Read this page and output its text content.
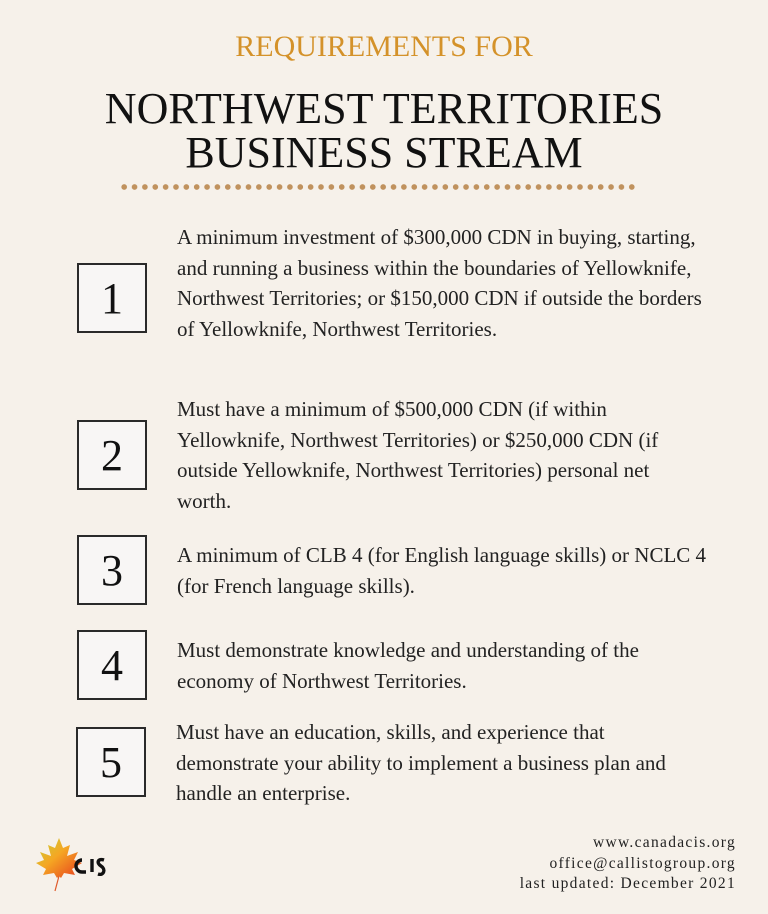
REQUIREMENTS FOR
NORTHWEST TERRITORIES
BUSINESS STREAM
1
A minimum investment of $300,000 CDN in buying, starting, and running a business within the boundaries of Yellowknife, Northwest Territories; or $150,000 CDN if outside the borders of Yellowknife, Northwest Territories.
2
Must have a minimum of $500,000 CDN (if within Yellowknife, Northwest Territories) or $250,000 CDN (if outside Yellowknife, Northwest Territories) personal net worth.
3	A minimum of CLB 4 (for English language skills) or NCLC 4 (for French language skills).
4	Must demonstrate knowledge and understanding of the economy of Northwest Territories.
5
Must have an education, skills, and experience that demonstrate your ability to implement a business plan and handle an enterprise.
www.canadacis.org
office@callistogroup.org
last updated: December 2021
